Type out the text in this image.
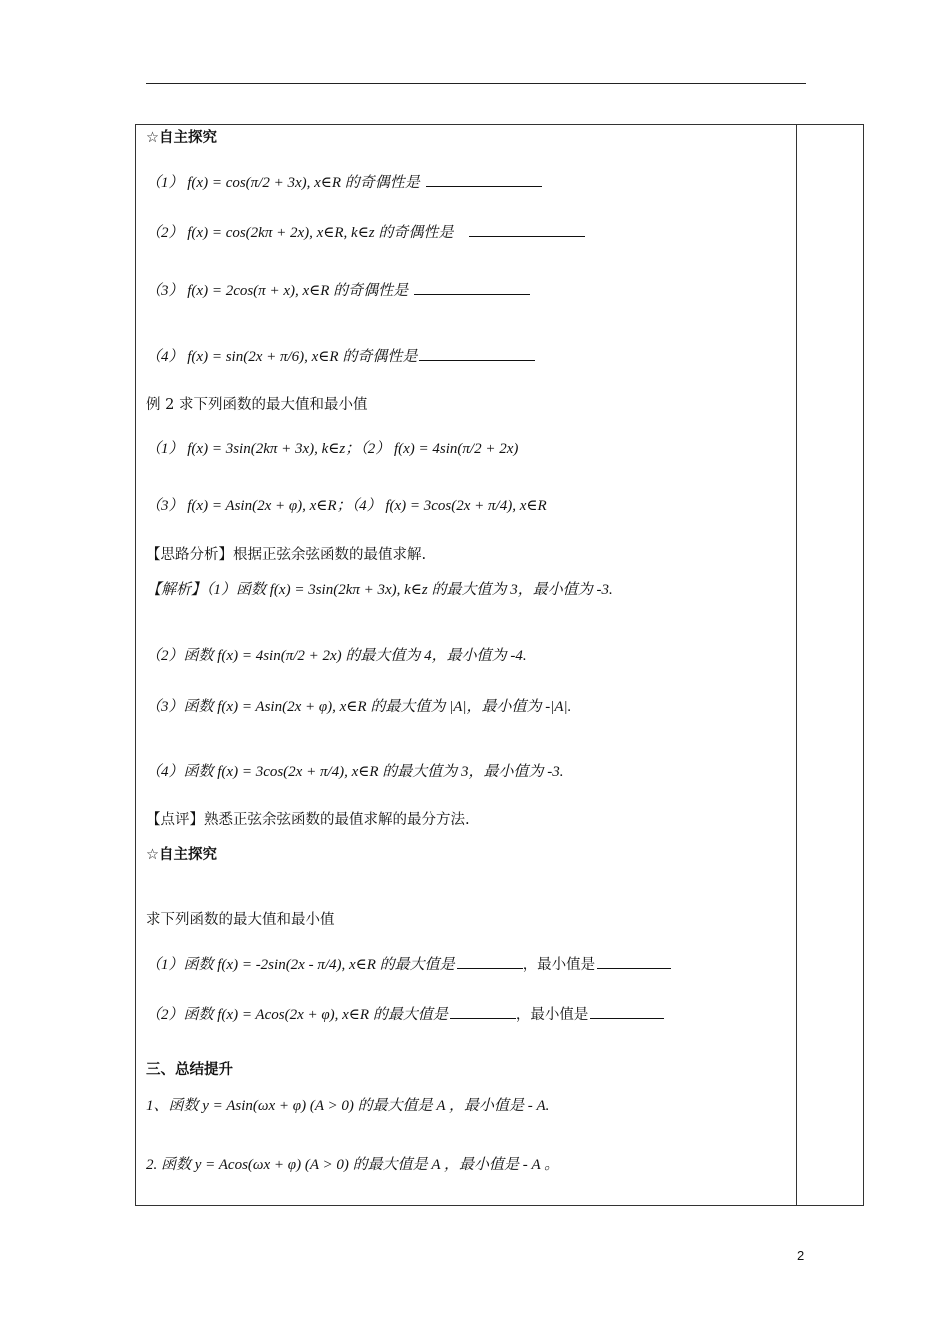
☆自主探究
（1） f(x) = cos(π/2 + 3x), x∈R 的奇偶性是
（2） f(x) = cos(2kπ + 2x), x∈R, k∈z 的奇偶性是
（3） f(x) = 2cos(π + x), x∈R 的奇偶性是
（4） f(x) = sin(2x + π/6), x∈R 的奇偶性是
例 2 求下列函数的最大值和最小值
（1） f(x) = 3sin(2kπ + 3x), k∈z；（2） f(x) = 4sin(π/2 + 2x)
（3） f(x) = Asin(2x + φ), x∈R；（4） f(x) = 3cos(2x + π/4), x∈R
【思路分析】根据正弦余弦函数的最值求解.
【解析】（1）函数 f(x) = 3sin(2kπ + 3x), k∈z 的最大值为 3，最小值为 -3.
（2）函数 f(x) = 4sin(π/2 + 2x) 的最大值为 4，最小值为 -4.
（3）函数 f(x) = Asin(2x + φ), x∈R 的最大值为 |A|，最小值为 -|A|.
（4）函数 f(x) = 3cos(2x + π/4), x∈R 的最大值为 3，最小值为 -3.
【点评】熟悉正弦余弦函数的最值求解的最分方法.
☆自主探究
求下列函数的最大值和最小值
（1）函数 f(x) = -2sin(2x - π/4), x∈R 的最大值是	，最小值是
（2）函数 f(x) = Acos(2x + φ), x∈R 的最大值是	，最小值是
三、总结提升
1、函数 y = Asin(ωx + φ) (A > 0) 的最大值是 A ，最小值是 - A.
2. 函数 y = Acos(ωx + φ) (A > 0) 的最大值是 A ，最小值是 - A 。
2
